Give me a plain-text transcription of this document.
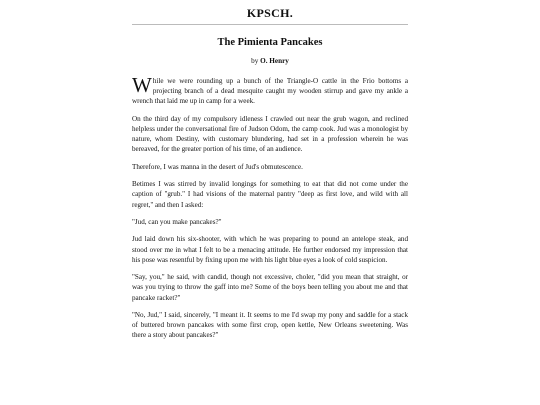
KPSCH.
The Pimienta Pancakes
by O. Henry

While we were rounding up a bunch of the Triangle-O cattle in the Frio bottoms a projecting branch of a dead mesquite caught my wooden stirrup and gave my ankle a wrench that laid me up in camp for a week.

On the third day of my compulsory idleness I crawled out near the grub wagon, and reclined helpless under the conversational fire of Judson Odom, the camp cook. Jud was a monologist by nature, whom Destiny, with customary blundering, had set in a profession wherein he was bereaved, for the greater portion of his time, of an audience.

Therefore, I was manna in the desert of Jud's obmutescence.

Betimes I was stirred by invalid longings for something to eat that did not come under the caption of "grub." I had visions of the maternal pantry "deep as first love, and wild with all regret," and then I asked:

"Jud, can you make pancakes?"

Jud laid down his six-shooter, with which he was preparing to pound an antelope steak, and stood over me in what I felt to be a menacing attitude. He further endorsed my impression that his pose was resentful by fixing upon me with his light blue eyes a look of cold suspicion.

"Say, you," he said, with candid, though not excessive, choler, "did you mean that straight, or was you trying to throw the gaff into me? Some of the boys been telling you about me and that pancake racket?"

"No, Jud," I said, sincerely, "I meant it. It seems to me I'd swap my pony and saddle for a stack of buttered brown pancakes with some first crop, open kettle, New Orleans sweetening. Was there a story about pancakes?"
